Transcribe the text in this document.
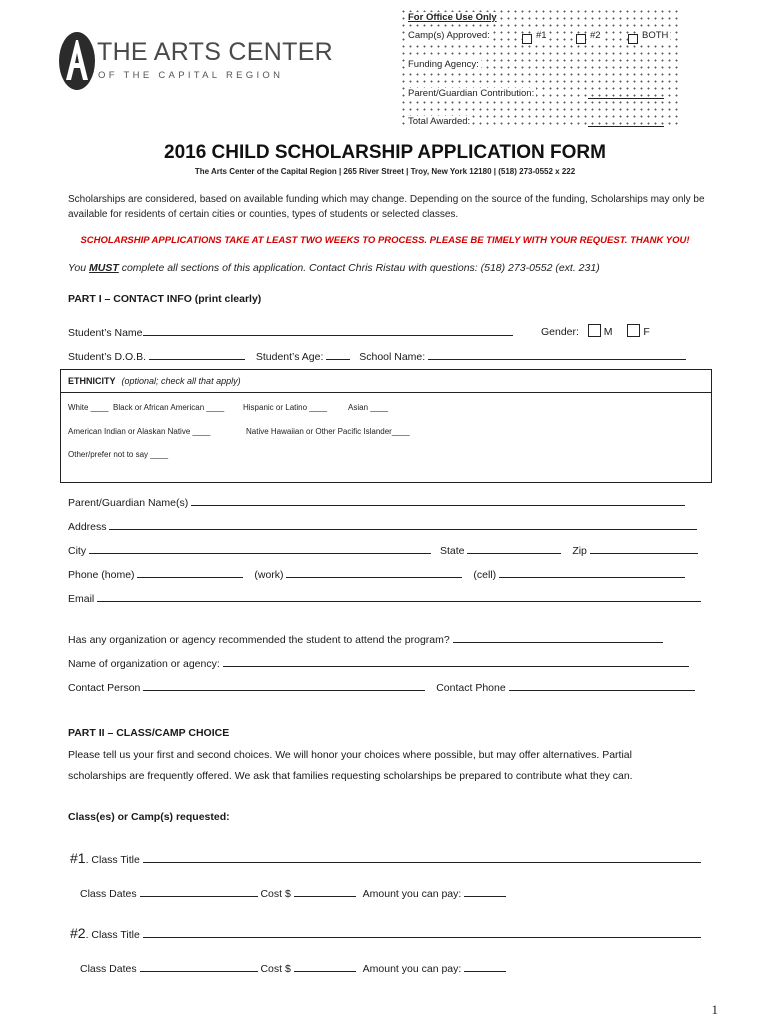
For Office Use Only
Camp(s) Approved:	#1	#2	BOTH
Funding Agency:
Parent/Guardian Contribution:
Total Awarded:
THE ARTS CENTER
OF THE CAPITAL REGION
2016 CHILD SCHOLARSHIP APPLICATION FORM
The Arts Center of the Capital Region | 265 River Street | Troy, New York 12180 | (518) 273-0552 x 222
Scholarships are considered, based on available funding which may change. Depending on the source of the funding, Scholarships may only be available for residents of certain cities or counties, types of students or selected classes.
SCHOLARSHIP APPLICATIONS TAKE AT LEAST TWO WEEKS TO PROCESS. PLEASE BE TIMELY WITH YOUR REQUEST. THANK YOU!
You MUST complete all sections of this application. Contact Chris Ristau with questions: (518) 273-0552 (ext. 231)
PART I – CONTACT INFO (print clearly)
Student’s Name	Gender: M	F
Student’s D.O.B.	Student’s Age:	School Name:
ETHNICITY (optional; check all that apply)
White ____ Black or African American ____ Hispanic or Latino ____	Asian ____
American Indian or Alaskan Native ____	Native Hawaiian or Other Pacific Islander____
Other/prefer not to say ____
Parent/Guardian Name(s)
Address
City	State	Zip
Phone (home)	(work)	(cell)
Email
Has any organization or agency recommended the student to attend the program?
Name of organization or agency:
Contact Person	Contact Phone
PART II – CLASS/CAMP CHOICE
Please tell us your first and second choices. We will honor your choices where possible, but may offer alternatives. Partial
scholarships are frequently offered. We ask that families requesting scholarships be prepared to contribute what they can.
Class(es) or Camp(s) requested:
#1. Class Title
Class Dates	Cost $	Amount you can pay:
#2. Class Title
Class Dates	Cost $	Amount you can pay:
1
